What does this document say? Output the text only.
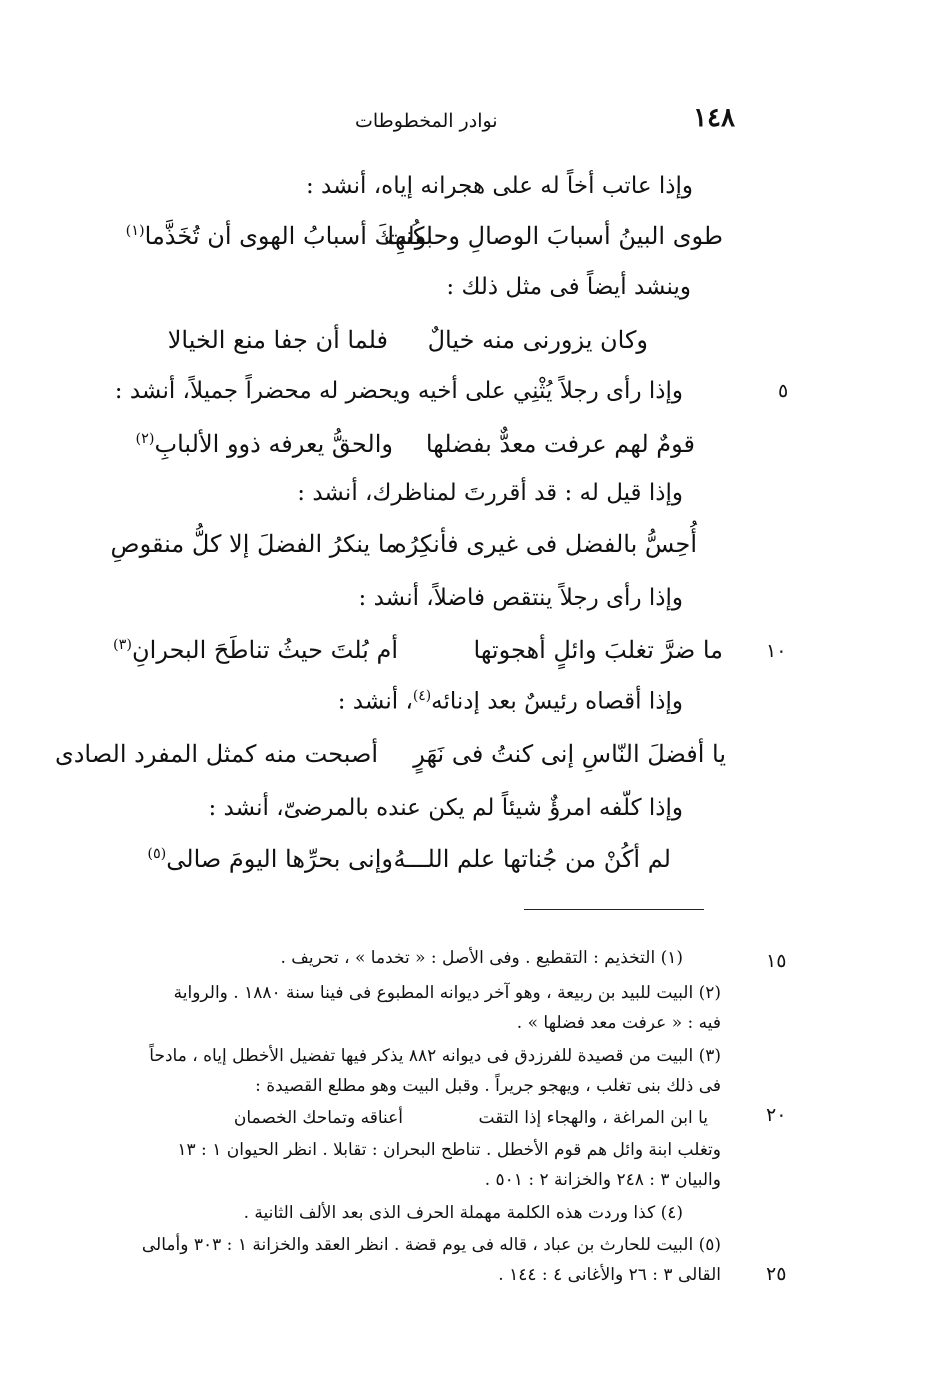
١٤٨
نوادر المخطوطات
وإذا عاتب أخاً له على هجرانه إياه، أنشد :
طوى البينُ أسبابَ الوصالِ وحاولت
بكُنهِكَ أسبابُ الهوى أن تُخَذَّما$^{(١)}$
وينشد أيضاً فى مثل ذلك :
وكان يزورنى منه خيالٌ
فلما أن جفا منع الخيالا
وإذا رأى رجلاً يُثْنِي على أخيه ويحضر له محضراً جميلاً، أنشد :	٥
قومٌ لهم عرفت معدٌّ بفضلها
والحقُّ يعرفه ذوو الألبابِ$^{(٢)}$
وإذا قيل له : قد أقررتَ لمناظرك، أنشد :
أُحِسُّ بالفضل فى غيرى فأنكِرُه
ما ينكرُ الفضلَ إلا كلُّ منقوصِ
وإذا رأى رجلاً ينتقص فاضلاً، أنشد :
ما ضرَّ تغلبَ وائلٍ أهجوتها
أم بُلتَ حيثُ تناطَحَ البحرانِ$^{(٣)}$	١٠
وإذا أقصاه رئيسٌ بعد إدنائه$^{(٤)}$، أنشد :
يا أفضلَ النّاسِ إنى كنتُ فى نَهَرٍ
أصبحت منه كمثل المفرد الصادى
وإذا كلّفه امرؤٌ شيئاً لم يكن عنده بالمرضىّ، أنشد :
لم أكُنْ من جُناتها علم اللـــهُ
وإنى بحرِّها اليومَ صالى$^{(٥)}$
(١) التخذيم : التقطيع . وفى الأصل : « تخدما » ، تحريف .	١٥
(٢) البيت للبيد بن ربيعة ، وهو آخر ديوانه المطبوع فى فينا سنة ١٨٨٠ . والرواية
فيه : « عرفت معد فضلها » .
(٣) البيت من قصيدة للفرزدق فى ديوانه ٨٨٢ يذكر فيها تفضيل الأخطل إياه ، مادحاً
فى ذلك بنى تغلب ، ويهجو جريراً . وقبل البيت وهو مطلع القصيدة :
يا ابن المراغة ، والهجاء إذا التقت
أعناقه وتماحك الخصمان	٢٠
وتغلب ابنة وائل هم قوم الأخطل . تناطح البحران : تقابلا . انظر الحيوان ١ : ١٣
والبيان ٣ : ٢٤٨ والخزانة ٢ : ٥٠١ .
(٤) كذا وردت هذه الكلمة مهملة الحرف الذى بعد الألف الثانية .
(٥) البيت للحارث بن عباد ، قاله فى يوم قضة . انظر العقد والخزانة ١ : ٣٠٣ وأمالى
القالى ٣ : ٢٦ والأغانى ٤ : ١٤٤ . ٢٥
